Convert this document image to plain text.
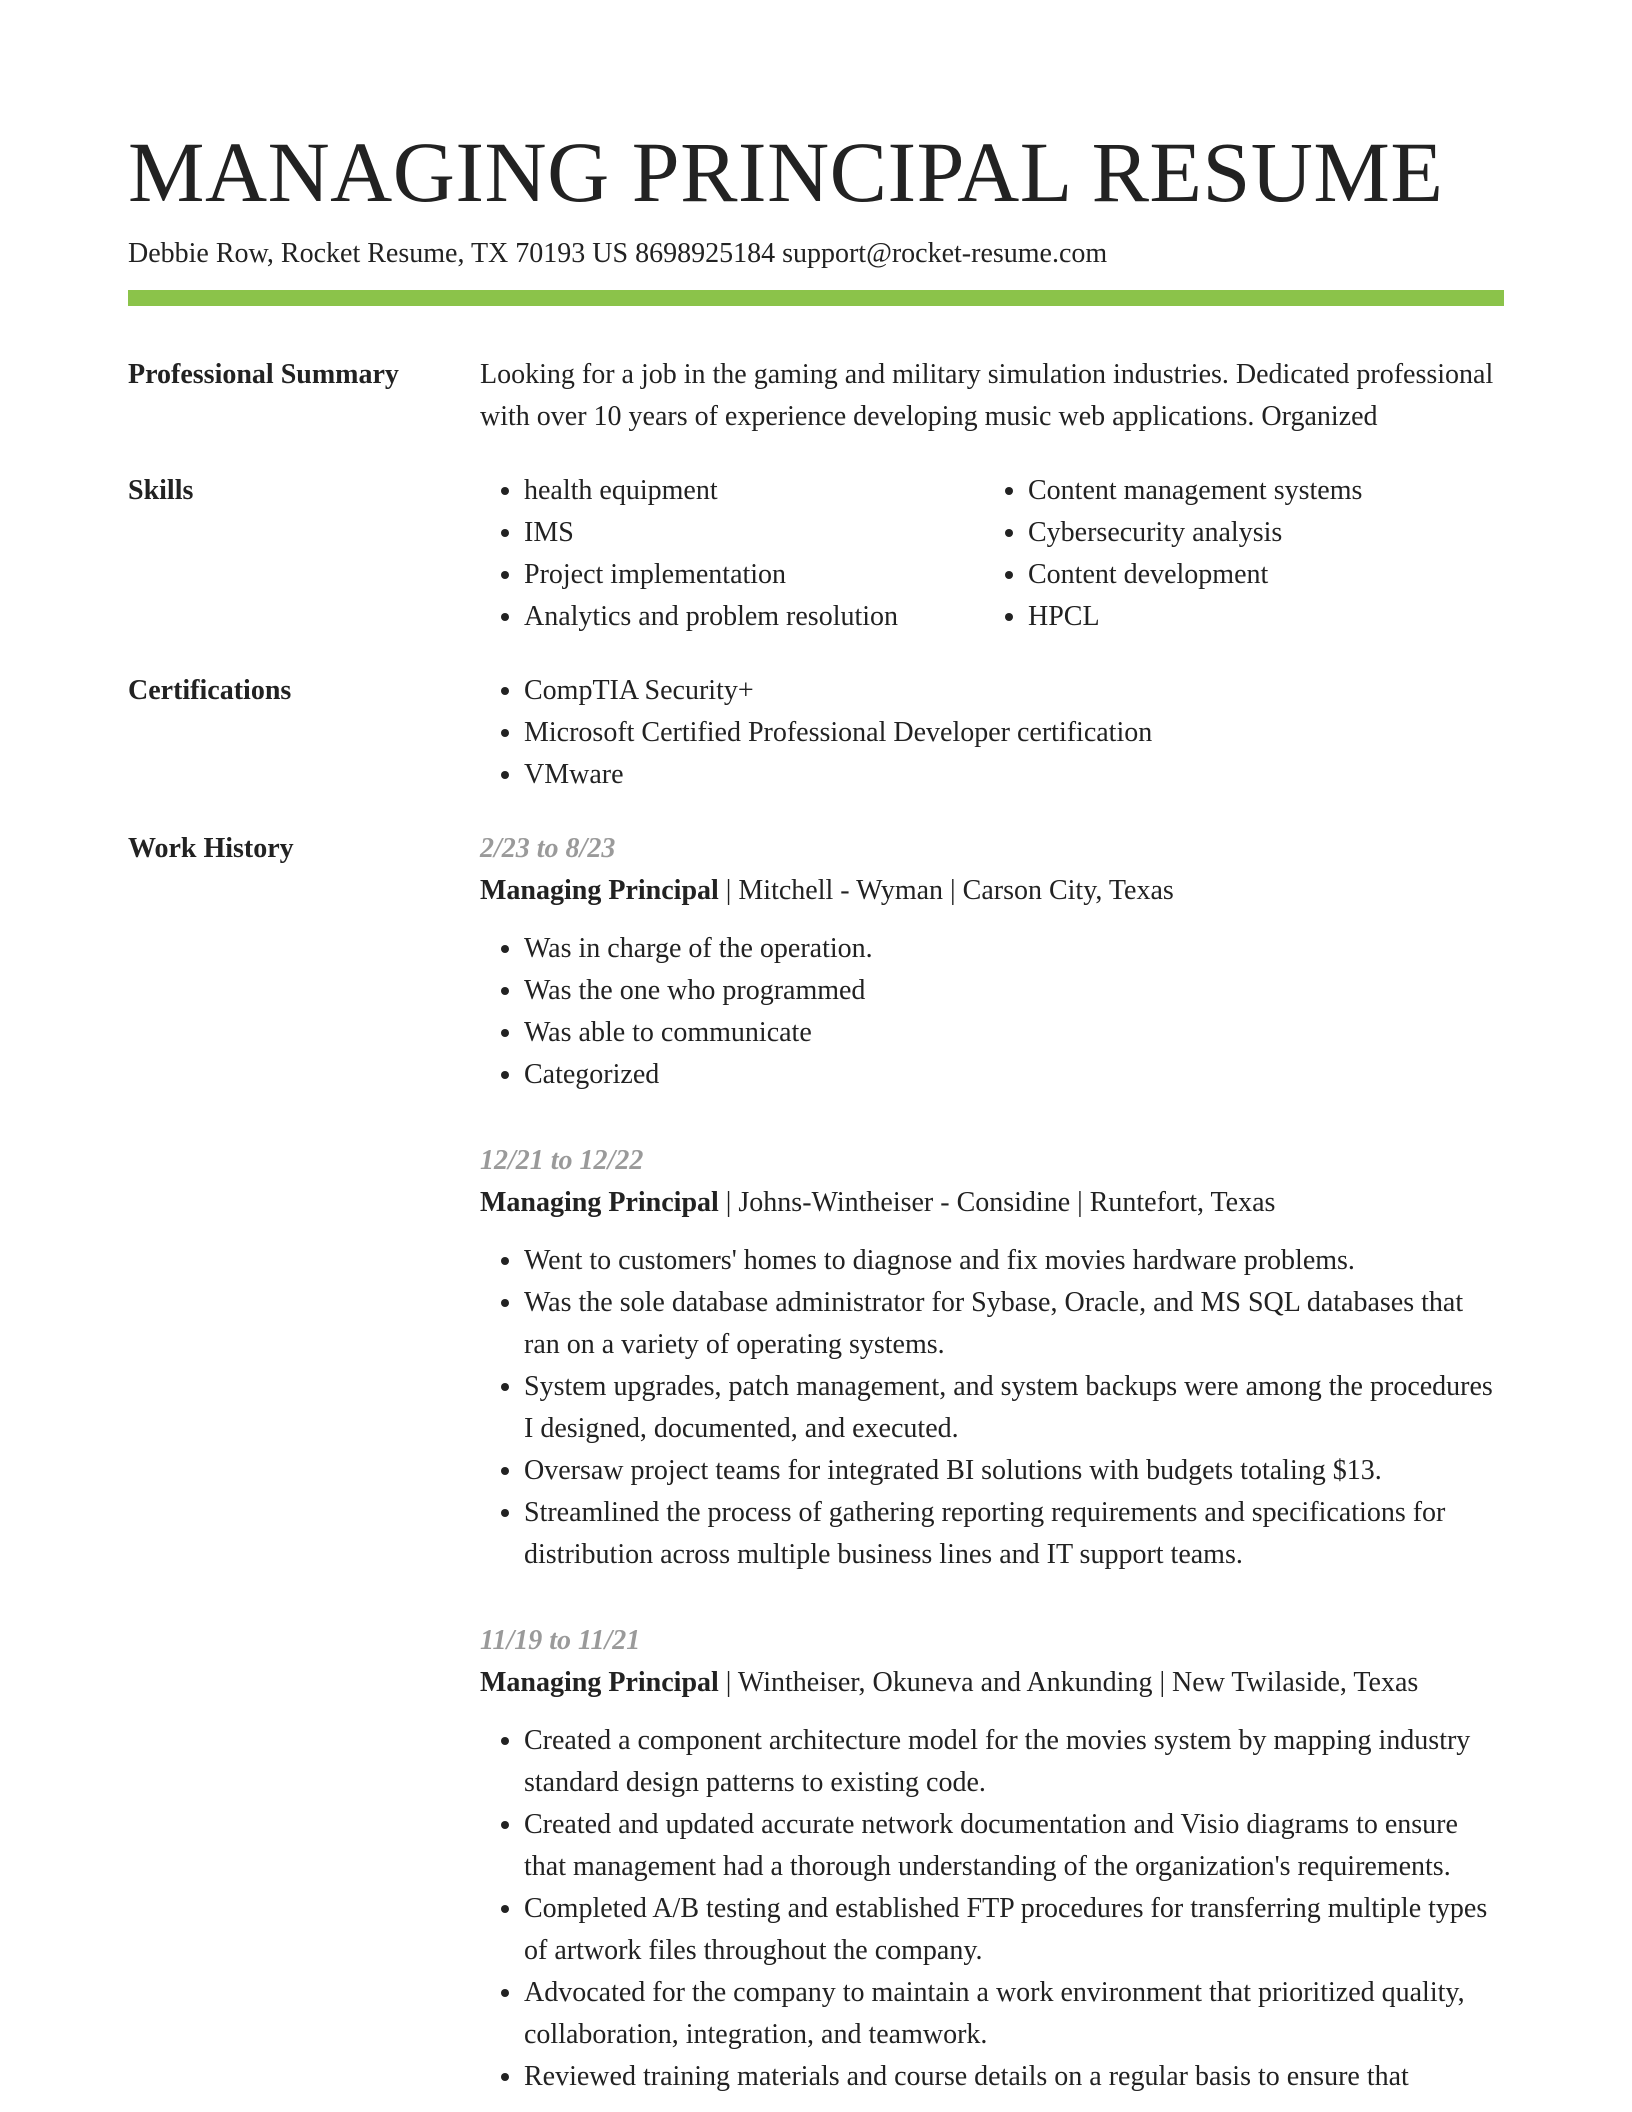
MANAGING PRINCIPAL RESUME
Debbie Row, Rocket Resume, TX 70193 US 8698925184 support@rocket-resume.com
Professional Summary	Looking for a job in the gaming and military simulation industries. Dedicated professional with over 10 years of experience developing music web applications. Organized

Skills	• health equipment
• IMS
• Project implementation
• Analytics and problem resolution
• Content management systems
• Cybersecurity analysis
• Content development
• HPCL
Certifications	• CompTIA Security+
• Microsoft Certified Professional Developer certification
• VMware
Work History	2/23 to 8/23
Managing Principal | Mitchell - Wyman | Carson City, Texas
• Was in charge of the operation.
• Was the one who programmed
• Was able to communicate
• Categorized
12/21 to 12/22
Managing Principal | Johns-Wintheiser - Considine | Runtefort, Texas
• Went to customers' homes to diagnose and fix movies hardware problems.
• Was the sole database administrator for Sybase, Oracle, and MS SQL databases that ran on a variety of operating systems.
• System upgrades, patch management, and system backups were among the procedures I designed, documented, and executed.
• Oversaw project teams for integrated BI solutions with budgets totaling $13.
• Streamlined the process of gathering reporting requirements and specifications for distribution across multiple business lines and IT support teams.
11/19 to 11/21
Managing Principal | Wintheiser, Okuneva and Ankunding | New Twilaside, Texas
• Created a component architecture model for the movies system by mapping industry standard design patterns to existing code.
• Created and updated accurate network documentation and Visio diagrams to ensure that management had a thorough understanding of the organization's requirements.
• Completed A/B testing and established FTP procedures for transferring multiple types of artwork files throughout the company.
• Advocated for the company to maintain a work environment that prioritized quality, collaboration, integration, and teamwork.
• Reviewed training materials and course details on a regular basis to ensure that
